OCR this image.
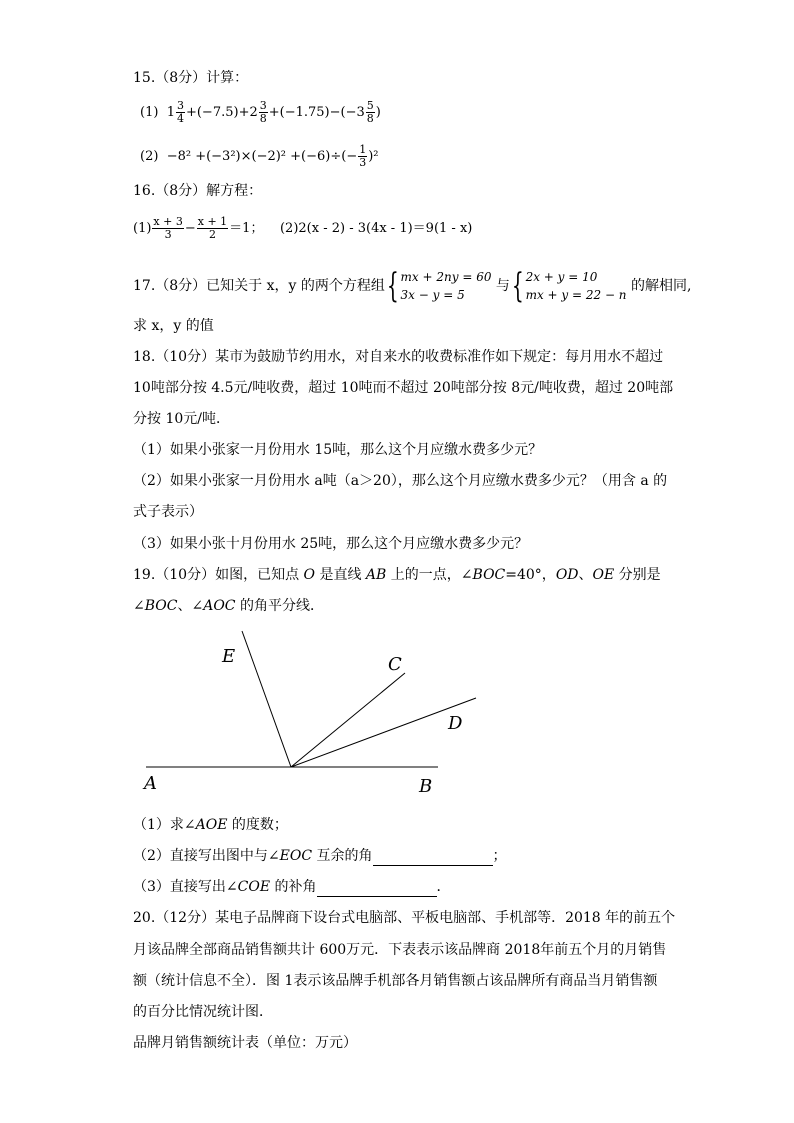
15.（8分）计算：
(1) $1 \frac{3}{4} +(-7.5)+2 \frac{3}{8} +(-1.75)-(-3 \frac{5}{8}$ )
$(2) -8^2 +(-3^2)\times(-2)^2 +(-6)\div(- \frac{1}{3} )^2$
16.（8分）解方程：
$(1) \frac{x + 3}{3} - \frac{x + 1}{2} =1$； (2)2(x - 2) - 3(4x - 1)＝9(1 - x)
17.（8分）已知关于 x，y 的两个方程组 { mx + 2ny = 60
3x − y = 5
与 { 2x + y = 10
mx + y = 22 − n
的解相同,
求 x，y 的值
18.（10分）某市为鼓励节约用水，对自来水的收费标准作如下规定：每月用水不超过
10吨部分按 4.5元/吨收费，超过 10吨而不超过 20吨部分按 8元/吨收费，超过 20吨部
分按 10元/吨．
（1）如果小张家一月份用水 15吨，那么这个月应缴水费多少元？
（2）如果小张家一月份用水 a吨（a＞20），那么这个月应缴水费多少元？（用含 a 的
式子表示）
（3）如果小张十月份用水 25吨，那么这个月应缴水费多少元？
19.（10分）如图，已知点 O 是直线 AB 上的一点，∠BOC=40°，OD、OE 分别是
∠BOC、∠AOC 的角平分线．
E	C
D
A	B
（1）求∠AOE 的度数；
（2）直接写出图中与∠EOC 互余的角	；
（3）直接写出∠COE 的补角	．
20.（12分）某电子品牌商下设台式电脑部、平板电脑部、手机部等．2018 年的前五个
月该品牌全部商品销售额共计 600万元．下表表示该品牌商 2018年前五个月的月销售
额（统计信息不全）．图 1表示该品牌手机部各月销售额占该品牌所有商品当月销售额
的百分比情况统计图．
品牌月销售额统计表（单位：万元）
